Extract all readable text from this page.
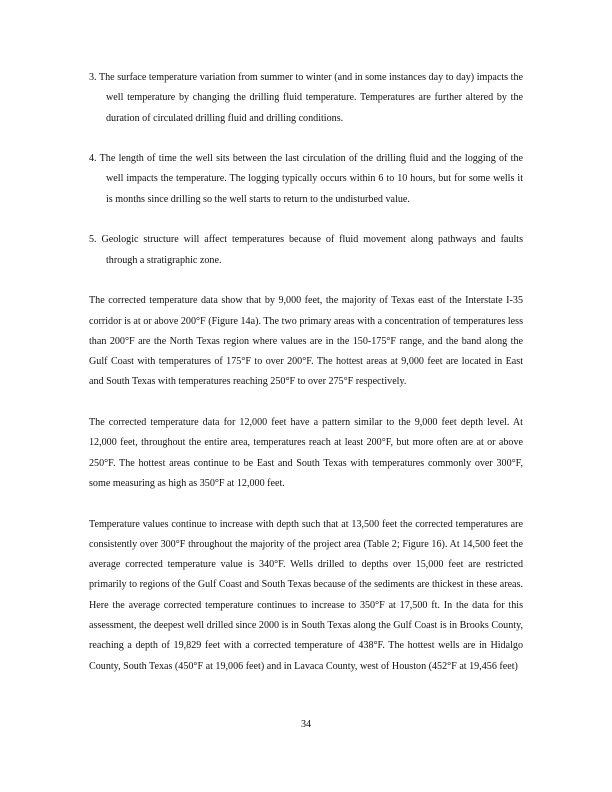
3. The surface temperature variation from summer to winter (and in some instances day to day) impacts the well temperature by changing the drilling fluid temperature. Temperatures are further altered by the duration of circulated drilling fluid and drilling conditions.

4. The length of time the well sits between the last circulation of the drilling fluid and the logging of the well impacts the temperature. The logging typically occurs within 6 to 10 hours, but for some wells it is months since drilling so the well starts to return to the undisturbed value.

5. Geologic structure will affect temperatures because of fluid movement along pathways and faults through a stratigraphic zone.

The corrected temperature data show that by 9,000 feet, the majority of Texas east of the Interstate I-35 corridor is at or above 200°F (Figure 14a). The two primary areas with a concentration of temperatures less than 200°F are the North Texas region where values are in the 150-175°F range, and the band along the Gulf Coast with temperatures of 175°F to over 200°F. The hottest areas at 9,000 feet are located in East and South Texas with temperatures reaching 250°F to over 275°F respectively.

The corrected temperature data for 12,000 feet have a pattern similar to the 9,000 feet depth level. At 12,000 feet, throughout the entire area, temperatures reach at least 200°F, but more often are at or above 250°F. The hottest areas continue to be East and South Texas with temperatures commonly over 300°F, some measuring as high as 350°F at 12,000 feet.

Temperature values continue to increase with depth such that at 13,500 feet the corrected temperatures are consistently over 300°F throughout the majority of the project area (Table 2; Figure 16). At 14,500 feet the average corrected temperature value is 340°F. Wells drilled to depths over 15,000 feet are restricted primarily to regions of the Gulf Coast and South Texas because of the sediments are thickest in these areas. Here the average corrected temperature continues to increase to 350°F at 17,500 ft. In the data for this assessment, the deepest well drilled since 2000 is in South Texas along the Gulf Coast is in Brooks County, reaching a depth of 19,829 feet with a corrected temperature of 438°F. The hottest wells are in Hidalgo County, South Texas (450°F at 19,006 feet) and in Lavaca County, west of Houston (452°F at 19,456 feet)

34
